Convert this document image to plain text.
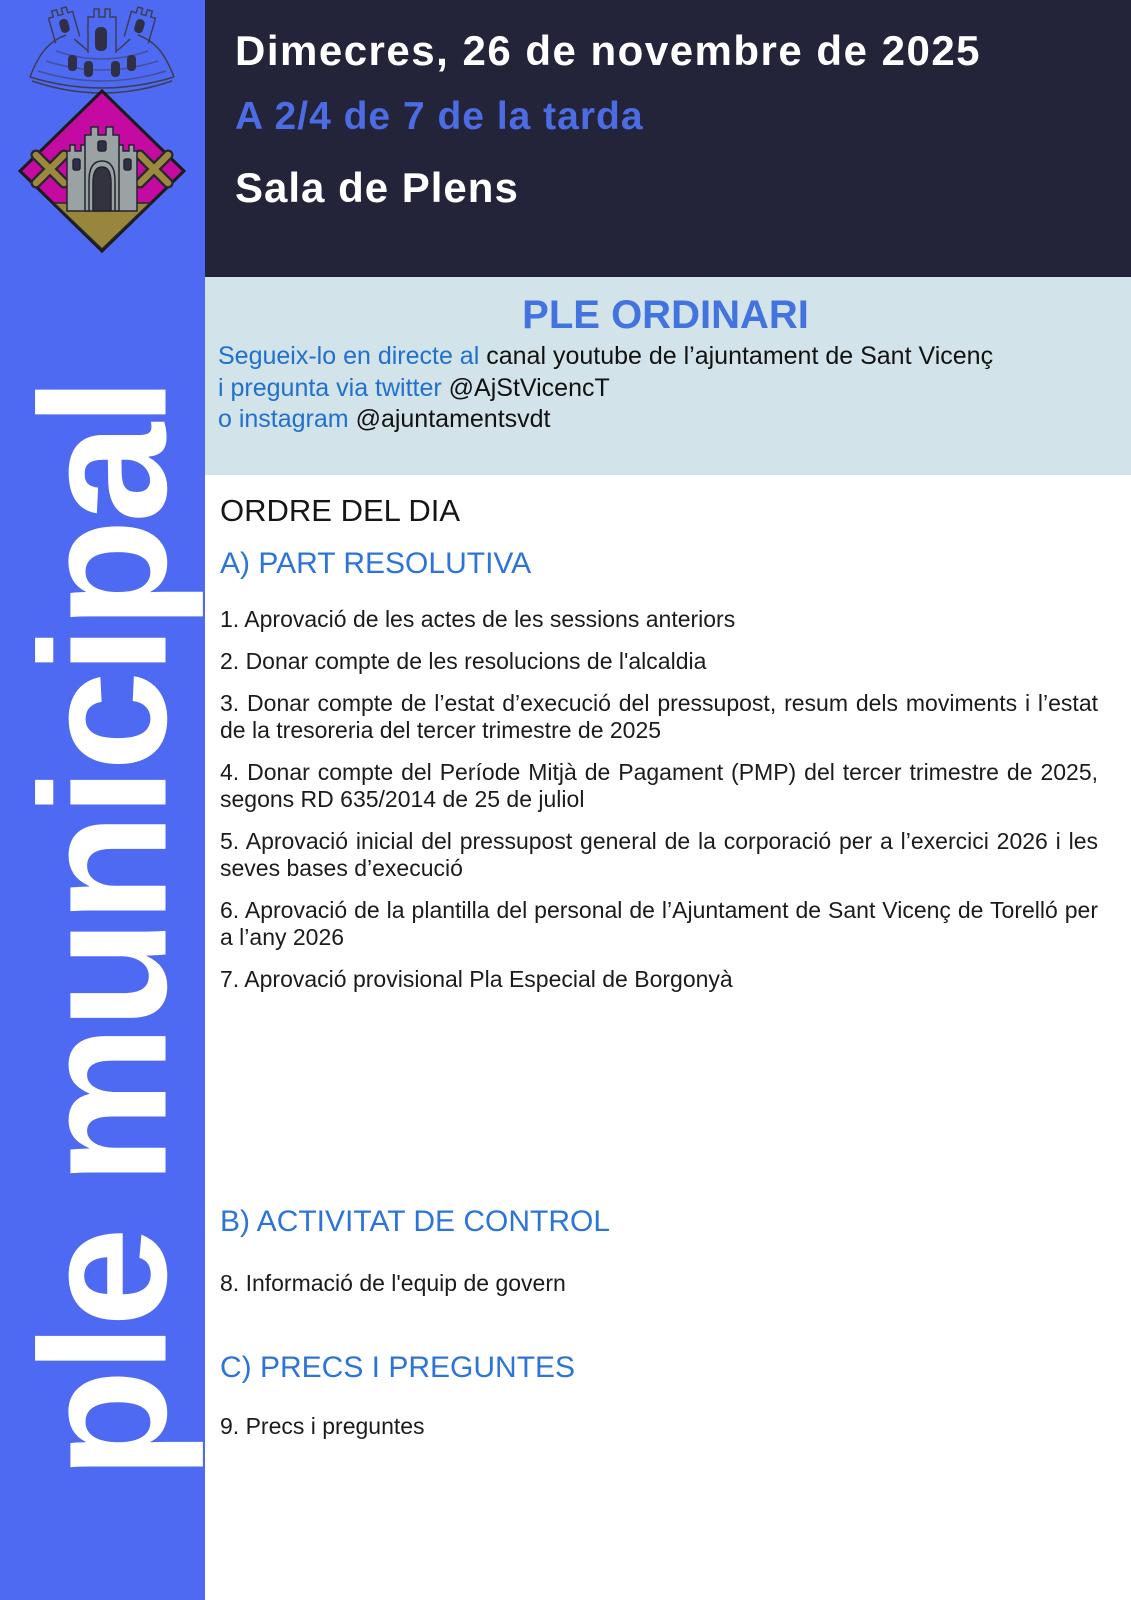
ple municipal
Dimecres, 26 de novembre de 2025
A 2/4 de 7 de la tarda
Sala de Plens

PLE ORDINARI

Segueix-lo en directe al canal youtube de l’ajuntament de Sant Vicenç

i pregunta via twitter @AjStVicencT

o instagram @ajuntamentsvdt

ORDRE DEL DIA

A) PART RESOLUTIVA

1. Aprovació de les actes de les sessions anteriors

2. Donar compte de les resolucions de l'alcaldia

3. Donar compte de l’estat d’execució del pressupost, resum dels moviments i l’estat de la tresoreria del tercer trimestre de 2025

4. Donar compte del Període Mitjà de Pagament (PMP) del tercer trimestre de 2025, segons RD 635/2014 de 25 de juliol

5. Aprovació inicial del pressupost general de la corporació per a l’exercici 2026 i les seves bases d’execució

6. Aprovació de la plantilla del personal de l’Ajuntament de Sant Vicenç de Torelló per a l’any 2026

7. Aprovació provisional Pla Especial de Borgonyà

B) ACTIVITAT DE CONTROL

8. Informació de l'equip de govern

C) PRECS I PREGUNTES

9. Precs i preguntes
